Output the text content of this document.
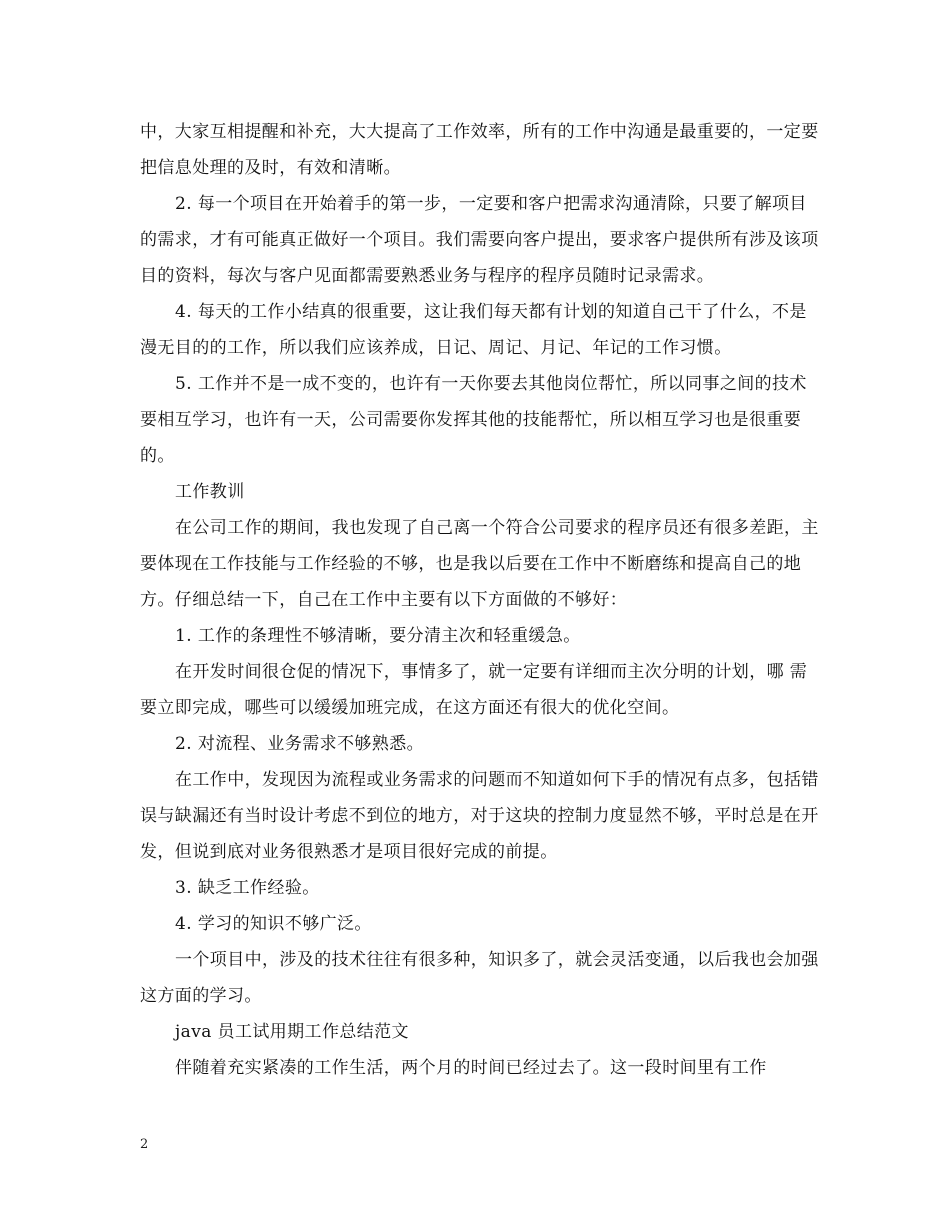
中，大家互相提醒和补充，大大提高了工作效率，所有的工作中沟通是最重要的，一定要把信息处理的及时，有效和清晰。

2. 每一个项目在开始着手的第一步，一定要和客户把需求沟通清除，只要了解项目的需求，才有可能真正做好一个项目。我们需要向客户提出，要求客户提供所有涉及该项目的资料，每次与客户见面都需要熟悉业务与程序的程序员随时记录需求。

4. 每天的工作小结真的很重要，这让我们每天都有计划的知道自己干了什么，不是漫无目的的工作，所以我们应该养成，日记、周记、月记、年记的工作习惯。

5. 工作并不是一成不变的，也许有一天你要去其他岗位帮忙，所以同事之间的技术要相互学习，也许有一天，公司需要你发挥其他的技能帮忙，所以相互学习也是很重要的。

工作教训

在公司工作的期间，我也发现了自己离一个符合公司要求的程序员还有很多差距，主要体现在工作技能与工作经验的不够，也是我以后要在工作中不断磨练和提高自己的地方。仔细总结一下，自己在工作中主要有以下方面做的不够好：

1. 工作的条理性不够清晰，要分清主次和轻重缓急。

在开发时间很仓促的情况下，事情多了，就一定要有详细而主次分明的计划，哪 需要立即完成，哪些可以缓缓加班完成，在这方面还有很大的优化空间。

2. 对流程、业务需求不够熟悉。

在工作中，发现因为流程或业务需求的问题而不知道如何下手的情况有点多，包括错误与缺漏还有当时设计考虑不到位的地方，对于这块的控制力度显然不够，平时总是在开发，但说到底对业务很熟悉才是项目很好完成的前提。

3. 缺乏工作经验。

4. 学习的知识不够广泛。

一个项目中，涉及的技术往往有很多种，知识多了，就会灵活变通，以后我也会加强这方面的学习。

java 员工试用期工作总结范文

伴随着充实紧凑的工作生活，两个月的时间已经过去了。这一段时间里有工作

2
